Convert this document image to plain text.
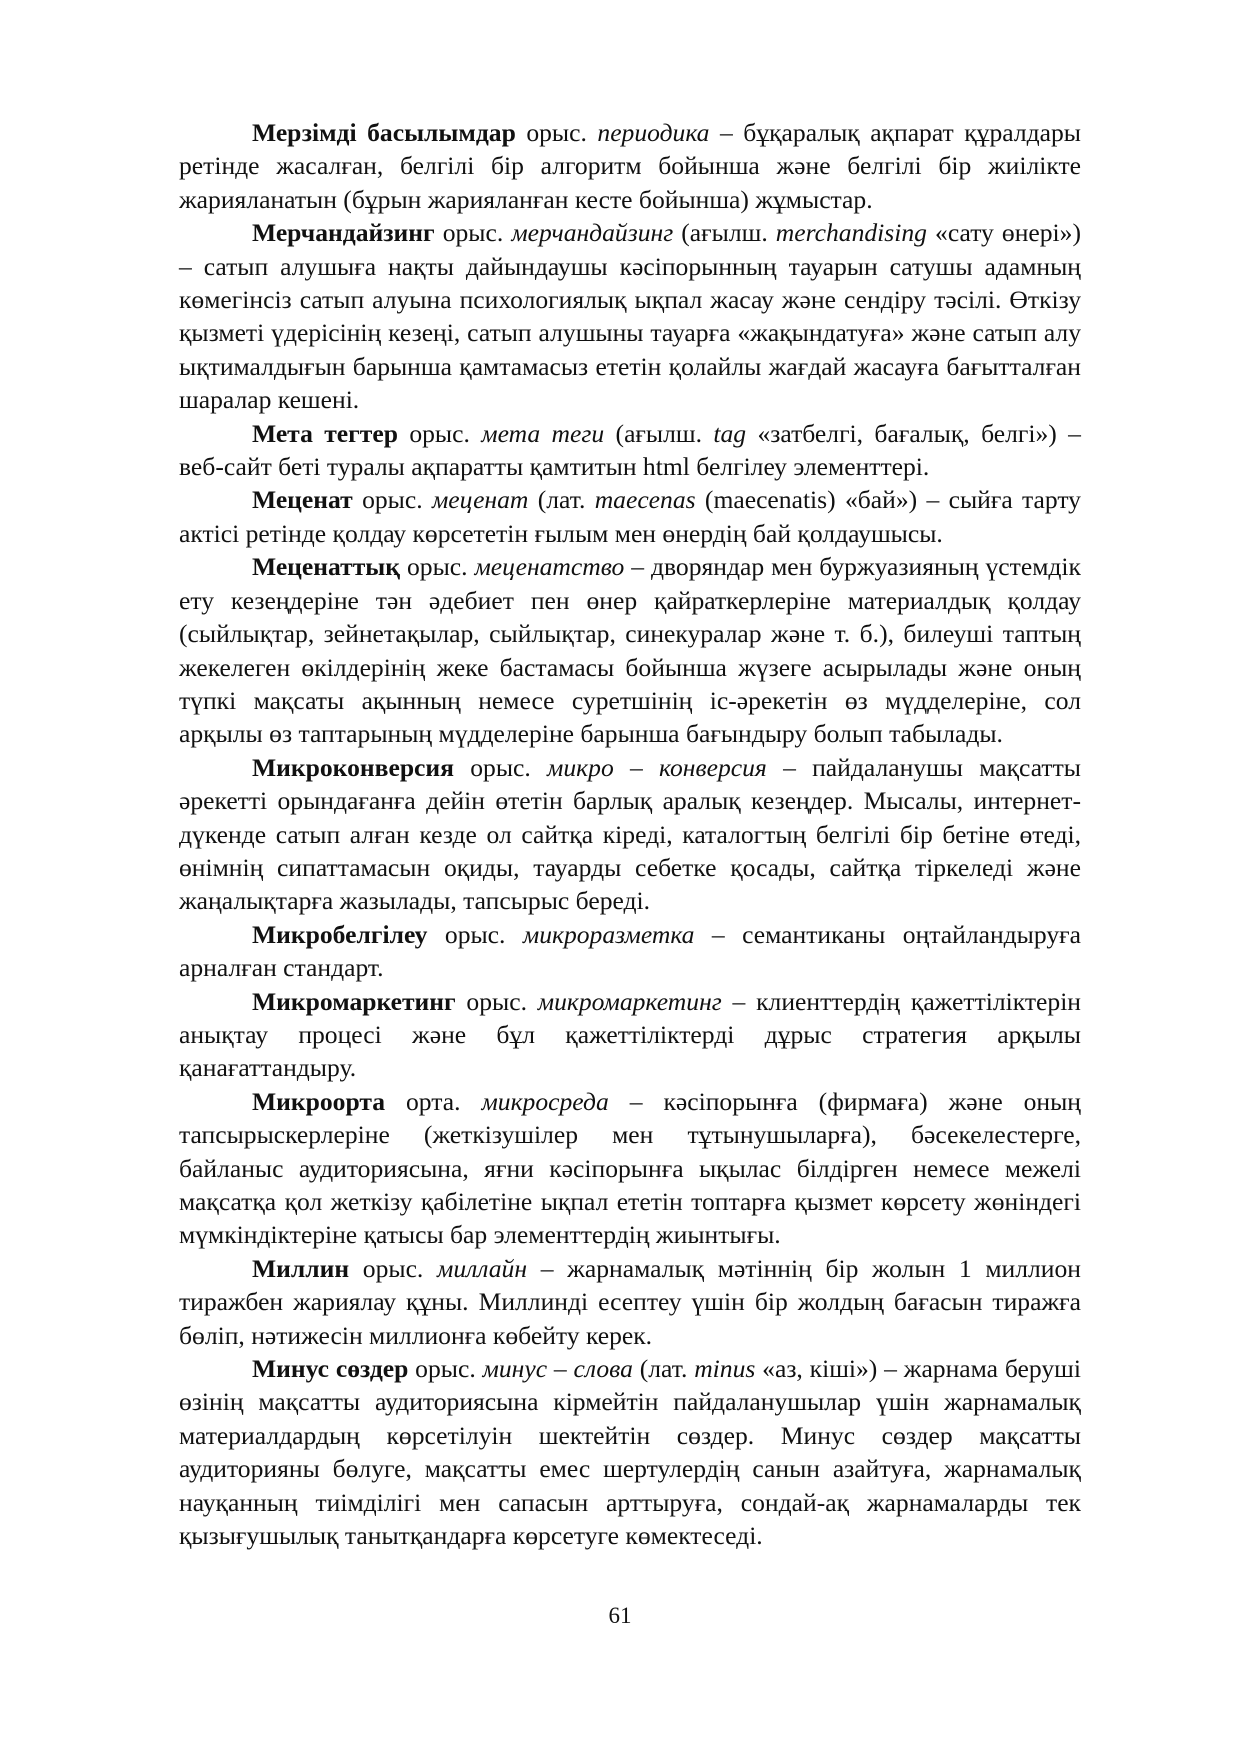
Мерзімді басылымдар орыс. периодика – бұқаралық ақпарат құралдары ретінде жасалған, белгілі бір алгоритм бойынша және белгілі бір жиілікте жарияланатын (бұрын жарияланған кесте бойынша) жұмыстар.

Мерчандайзинг орыс. мерчандайзинг (ағылш. merchandising «сату өнері») – сатып алушыға нақты дайындаушы кәсіпорынның тауарын сатушы адамның көмегінсіз сатып алуына психологиялық ықпал жасау және сендіру тәсілі. Өткізу қызметі үдерісінің кезеңі, сатып алушыны тауарға «жақындатуға» және сатып алу ықтималдығын барынша қамтамасыз ететін қолайлы жағдай жасауға бағытталған шаралар кешені.

Мета тегтер орыс. мета теги (ағылш. tag «затбелгі, бағалық, белгі») – веб-сайт беті туралы ақпаратты қамтитын html белгілеу элементтері.

Меценат орыс. меценат (лат. maecenas (maecenatis) «бай») – сыйға тарту актісі ретінде қолдау көрсететін ғылым мен өнердің бай қолдаушысы.

Меценаттық орыс. меценатство – дворяндар мен буржуазияның үстемдік ету кезеңдеріне тән әдебиет пен өнер қайраткерлеріне материалдық қолдау (сыйлықтар, зейнетақылар, сыйлықтар, синекуралар және т. б.), билеуші таптың жекелеген өкілдерінің жеке бастамасы бойынша жүзеге асырылады және оның түпкі мақсаты ақынның немесе суретшінің іс-әрекетін өз мүдделеріне, сол арқылы өз таптарының мүдделеріне барынша бағындыру болып табылады.

Микроконверсия орыс. микро – конверсия – пайдаланушы мақсатты әрекетті орындағанға дейін өтетін барлық аралық кезеңдер. Мысалы, интернет-дүкенде сатып алған кезде ол сайтқа кіреді, каталогтың белгілі бір бетіне өтеді, өнімнің сипаттамасын оқиды, тауарды себетке қосады, сайтқа тіркеледі және жаңалықтарға жазылады, тапсырыс береді.

Микробелгілеу орыс. микроразметка – семантиканы оңтайландыруға арналған стандарт.

Микромаркетинг орыс. микромаркетинг – клиенттердің қажеттіліктерін анықтау процесі және бұл қажеттіліктерді дұрыс стратегия арқылы қанағаттандыру.

Микроорта орта. микросреда – кәсіпорынға (фирмаға) және оның тапсырыскерлеріне (жеткізушілер мен тұтынушыларға), бәсекелестерге, байланыс аудиториясына, яғни кәсіпорынға ықылас білдірген немесе межелі мақсатқа қол жеткізу қабілетіне ықпал ететін топтарға қызмет көрсету жөніндегі мүмкіндіктеріне қатысы бар элементтердің жиынтығы.

Миллин орыс. миллайн – жарнамалық мәтіннің бір жолын 1 миллион тиражбен жариялау құны. Миллинді есептеу үшін бір жолдың бағасын тиражға бөліп, нәтижесін миллионға көбейту керек.

Минус сөздер орыс. минус – слова (лат. minus «аз, кіші») – жарнама беруші өзінің мақсатты аудиториясына кірмейтін пайдаланушылар үшін жарнамалық материалдардың көрсетілуін шектейтін сөздер. Минус сөздер мақсатты аудиторияны бөлуге, мақсатты емес шертулердің санын азайтуға, жарнамалық науқанның тиімділігі мен сапасын арттыруға, сондай-ақ жарнамаларды тек қызығушылық танытқандарға көрсетуге көмектеседі.

61
